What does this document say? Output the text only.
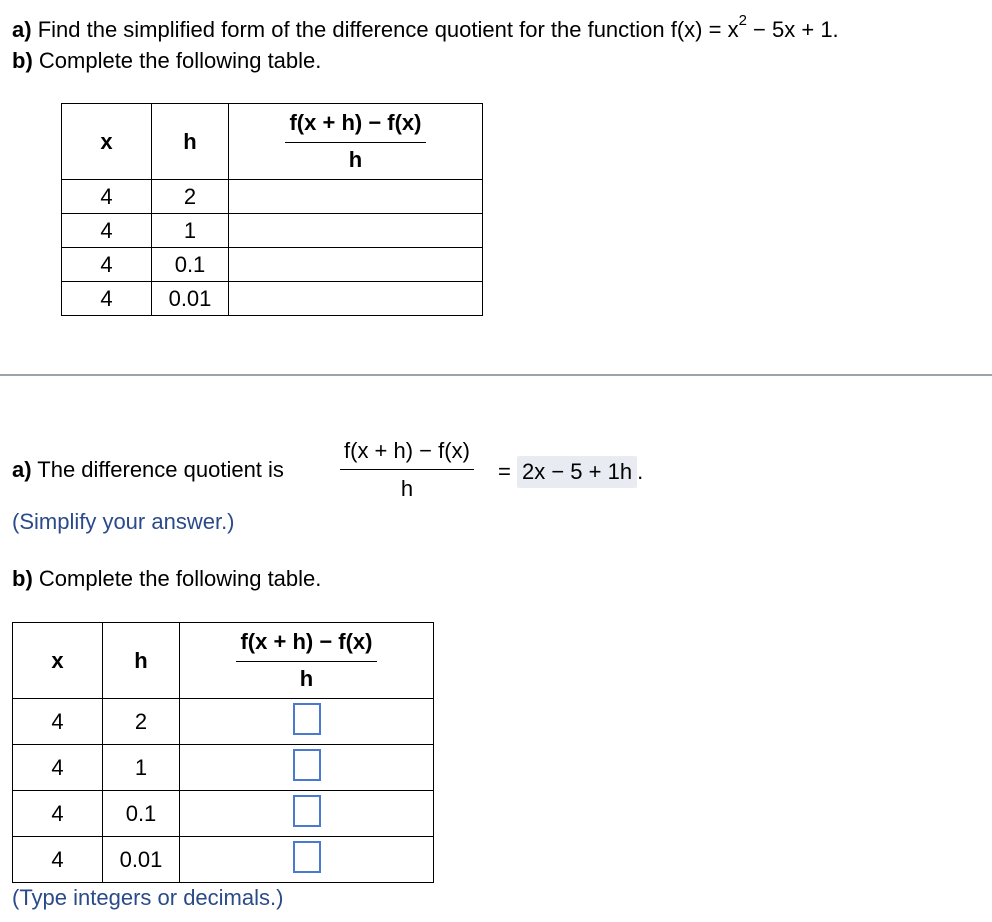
a) Find the simplified form of the difference quotient for the function $f(x) = x^2 - 5x + 1$.
b) Complete the following table.
x	h	$\frac{f(x + h) - f(x)}{h}$

4	2	
4	1	
4	0.1	
4	0.01	
a) The difference quotient is	$\frac{f(x + h) - f(x)}{h} = 2x - 5 + 1h$ .
(Simplify your answer.)
b) Complete the following table.
x	h	$\frac{f(x + h) - f(x)}{h}$

4	2	
4	1	
4	0.1	
4	0.01	
(Type integers or decimals.)
